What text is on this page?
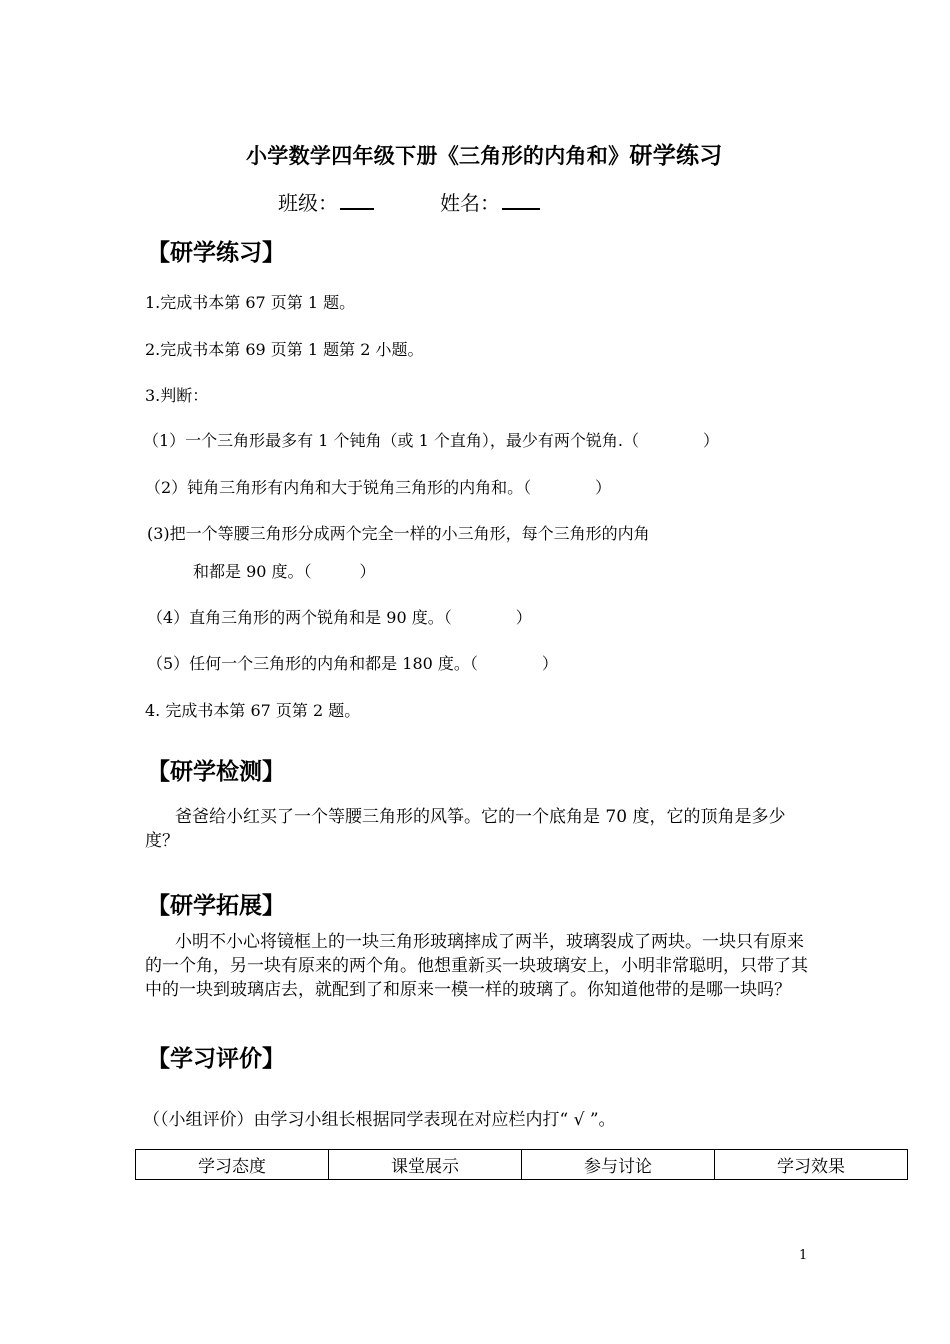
小学数学四年级下册《三角形的内角和》研学练习
班级：	姓名：
【研学练习】
1.完成书本第 67 页第 1 题。
2.完成书本第 69 页第 1 题第 2 小题。
3.判断：
（1）一个三角形最多有 1 个钝角（或 1 个直角），最少有两个锐角.（　　　　）
（2）钝角三角形有内角和大于锐角三角形的内角和。（　　　　）
(3)把一个等腰三角形分成两个完全一样的小三角形，每个三角形的内角
和都是 90 度。（　　　）
（4）直角三角形的两个锐角和是 90 度。（　　　　）
（5）任何一个三角形的内角和都是 180 度。（　　　　）
4. 完成书本第 67 页第 2 题。
【研学检测】
爸爸给小红买了一个等腰三角形的风筝。它的一个底角是 70 度，它的顶角是多少度？
【研学拓展】
小明不小心将镜框上的一块三角形玻璃摔成了两半，玻璃裂成了两块。一块只有原来的一个角，另一块有原来的两个角。他想重新买一块玻璃安上，小明非常聪明，只带了其中的一块到玻璃店去，就配到了和原来一模一样的玻璃了。你知道他带的是哪一块吗？
【学习评价】
（（小组评价）由学习小组长根据同学表现在对应栏内打“ √ ”。
学习态度	课堂展示	参与讨论	学习效果
1
